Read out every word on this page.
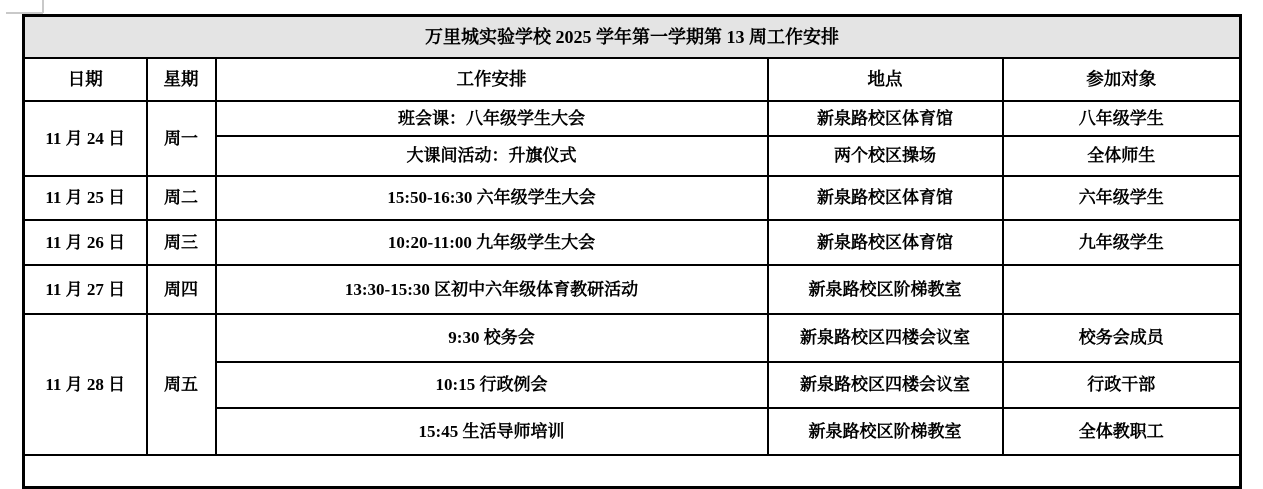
万里城实验学校 2025 学年第一学期第 13 周工作安排				
日期	星期	工作安排	地点	参加对象
11 月 24 日	周一	班会课：八年级学生大会	新泉路校区体育馆	八年级学生
		大课间活动：升旗仪式	两个校区操场	全体师生
11 月 25 日	周二	15:50-16:30 六年级学生大会	新泉路校区体育馆	六年级学生
11 月 26 日	周三	10:20-11:00 九年级学生大会	新泉路校区体育馆	九年级学生
11 月 27 日	周四	13:30-15:30 区初中六年级体育教研活动	新泉路校区阶梯教室	
11 月 28 日	周五	9:30 校务会	新泉路校区四楼会议室	校务会成员
		10:15 行政例会	新泉路校区四楼会议室	行政干部
		15:45 生活导师培训	新泉路校区阶梯教室	全体教职工
